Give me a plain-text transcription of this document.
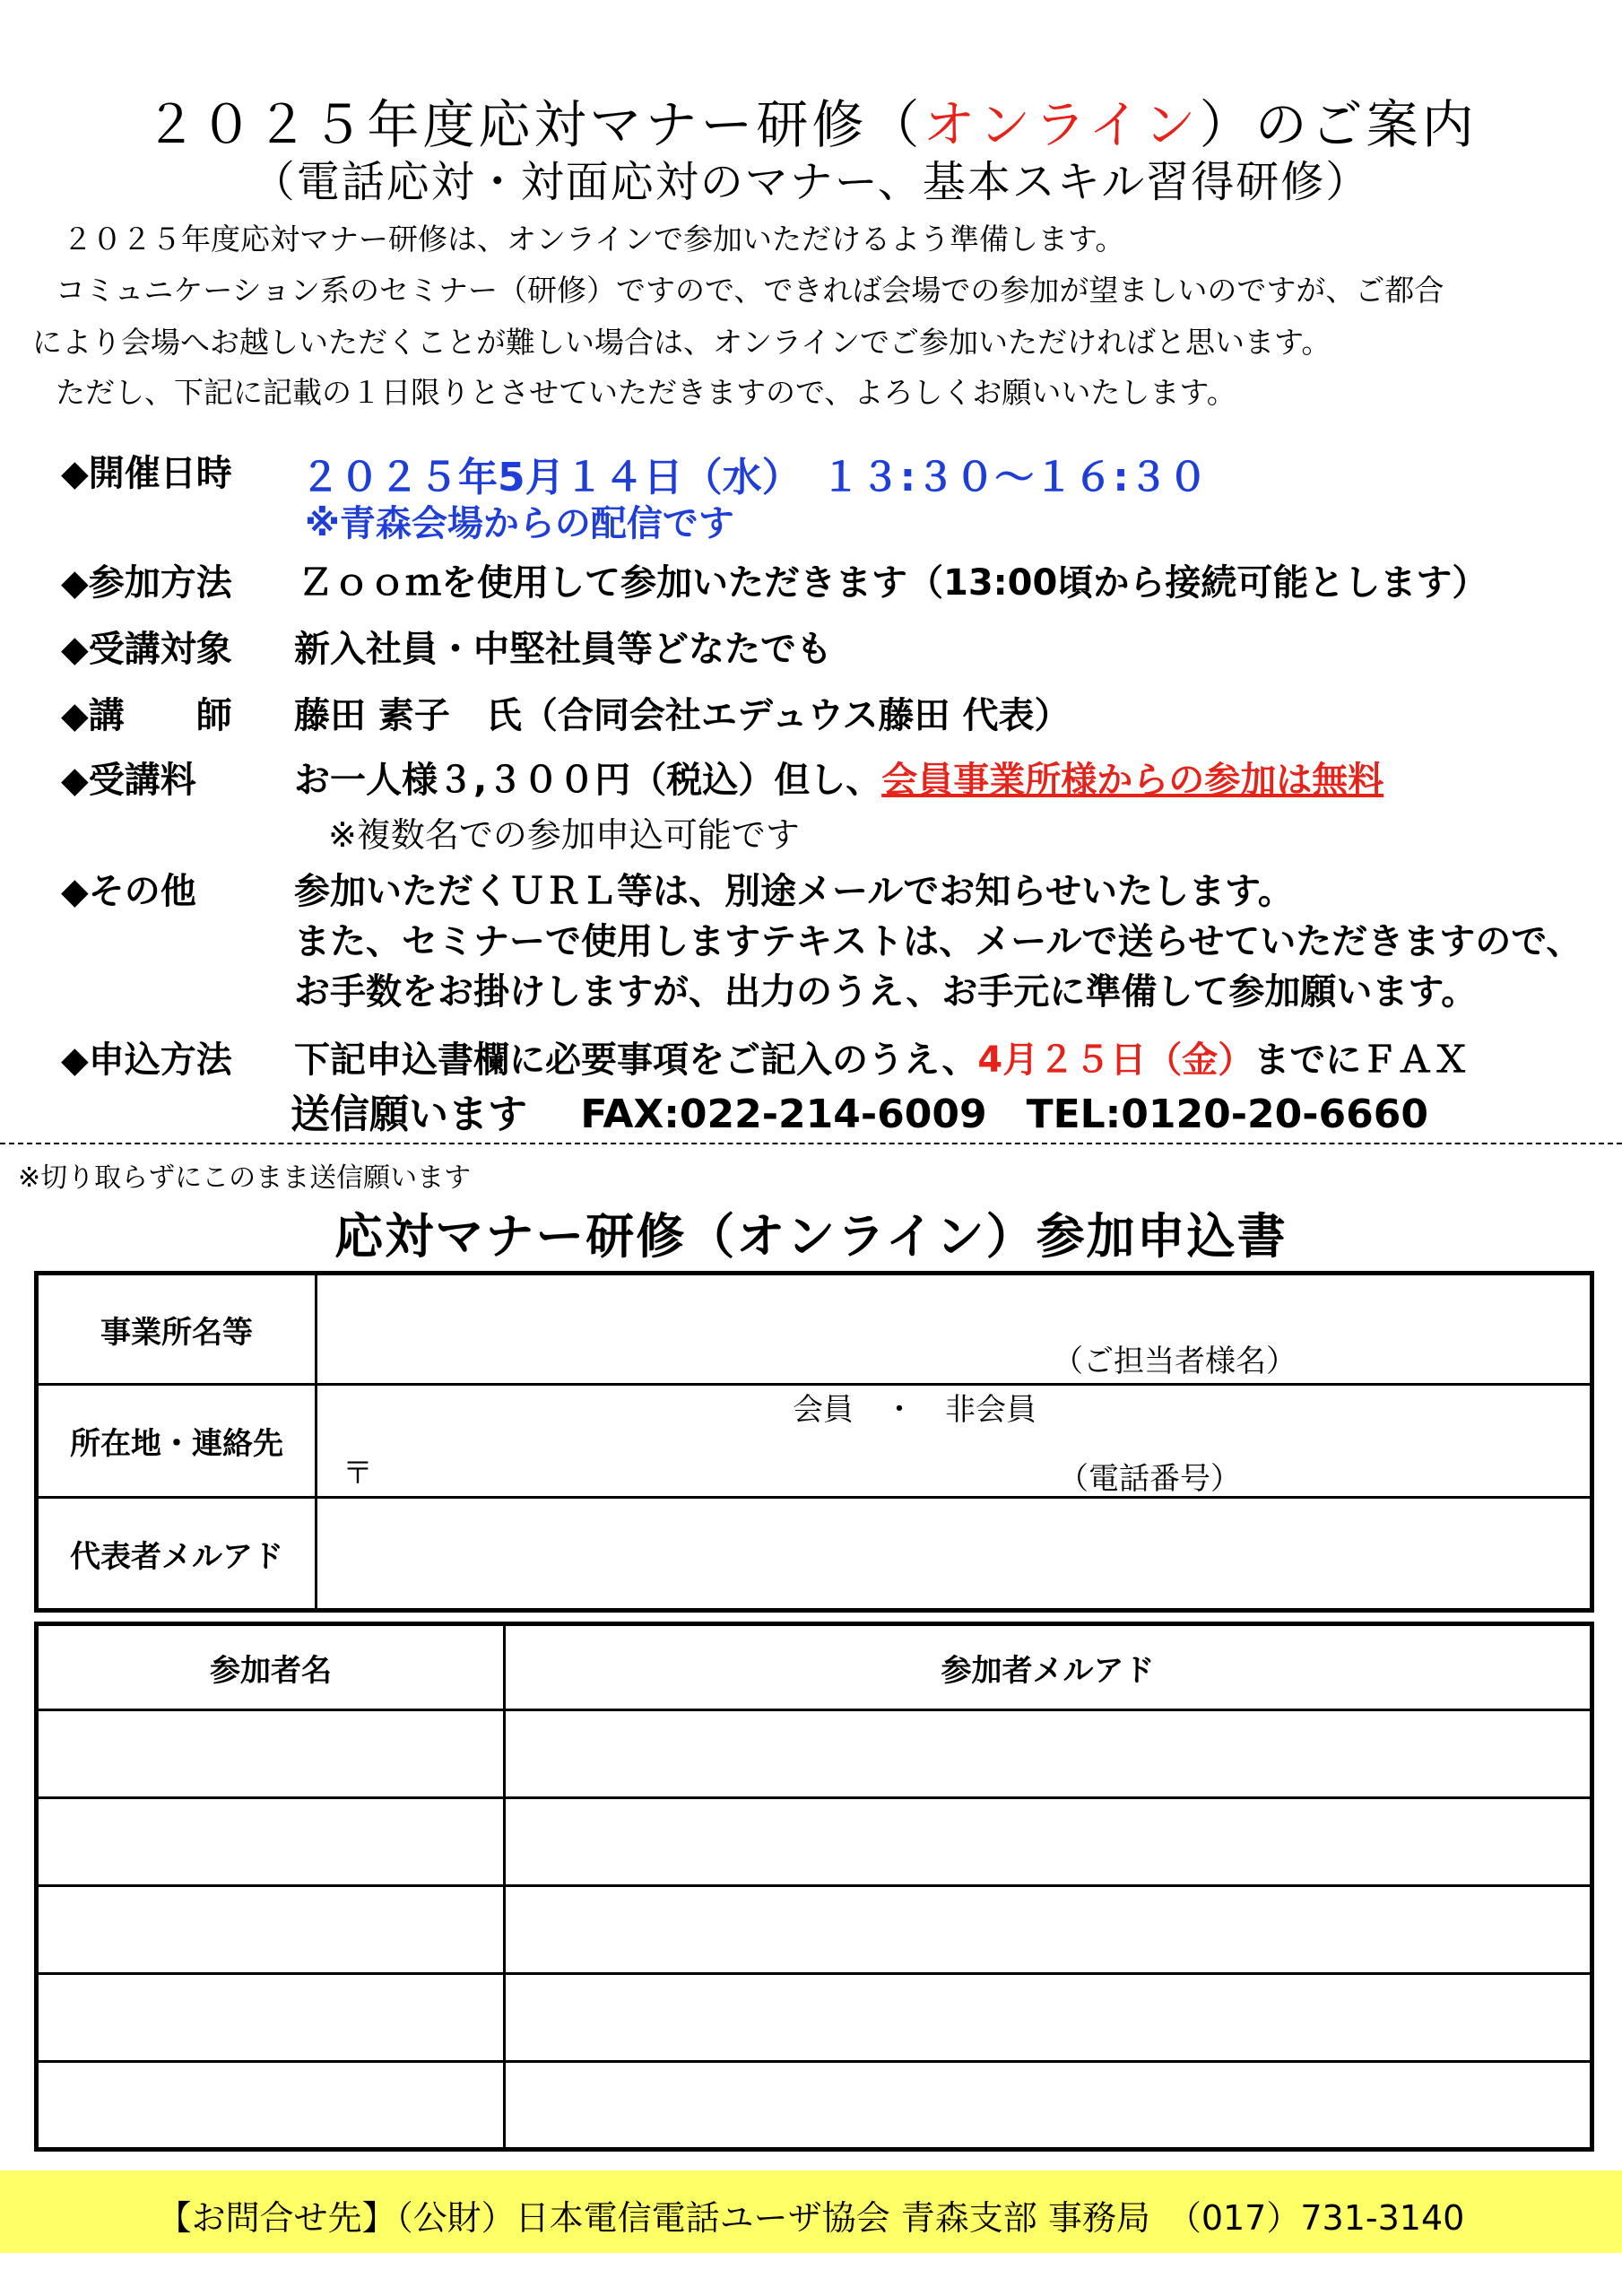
２０２５年度応対マナー研修（オンライン）のご案内
（電話応対・対面応対のマナー、基本スキル習得研修）
２０２５年度応対マナー研修は、オンラインで参加いただけるよう準備します。
コミュニケーション系のセミナー（研修）ですので、できれば会場での参加が望ましいのですが、ご都合
により会場へお越しいただくことが難しい場合は、オンラインでご参加いただければと思います。
ただし、下記に記載の１日限りとさせていただきますので、よろしくお願いいたします。
◆開催日時 ２０２５年5月１４日（水）　１３:３０～１６:３０
※青森会場からの配信です
◆参加方法 Ｚｏｏｍを使用して参加いただきます（13:00頃から接続可能とします）
◆受講対象 新入社員・中堅社員等どなたでも
◆講　　師 藤田 素子　氏（合同会社エデュウス藤田 代表）
◆受講料	お一人様３,３００円（税込）但し、会員事業所様からの参加は無料
※複数名での参加申込可能です
◆その他	参加いただくＵＲＬ等は、別途メールでお知らせいたします。
また、セミナーで使用しますテキストは、メールで送らせていただきますので、
お手数をお掛けしますが、出力のうえ、お手元に準備して参加願います。
◆申込方法 下記申込書欄に必要事項をご記入のうえ、4月２５日（金）までにＦＡＸ
送信願います　 FAX:022-214-6009　TEL:0120-20-6660
※切り取らずにこのまま送信願います
応対マナー研修（オンライン）参加申込書
事業所名等	（ご担当者様名）
会員　・　非会員

所在地・連絡先	〒 （電話番号）

代表者メルアド	
参加者名	参加者メルアド

【お問合せ先】（公財）日本電信電話ユーザ協会 青森支部 事務局　（017）731-3140
